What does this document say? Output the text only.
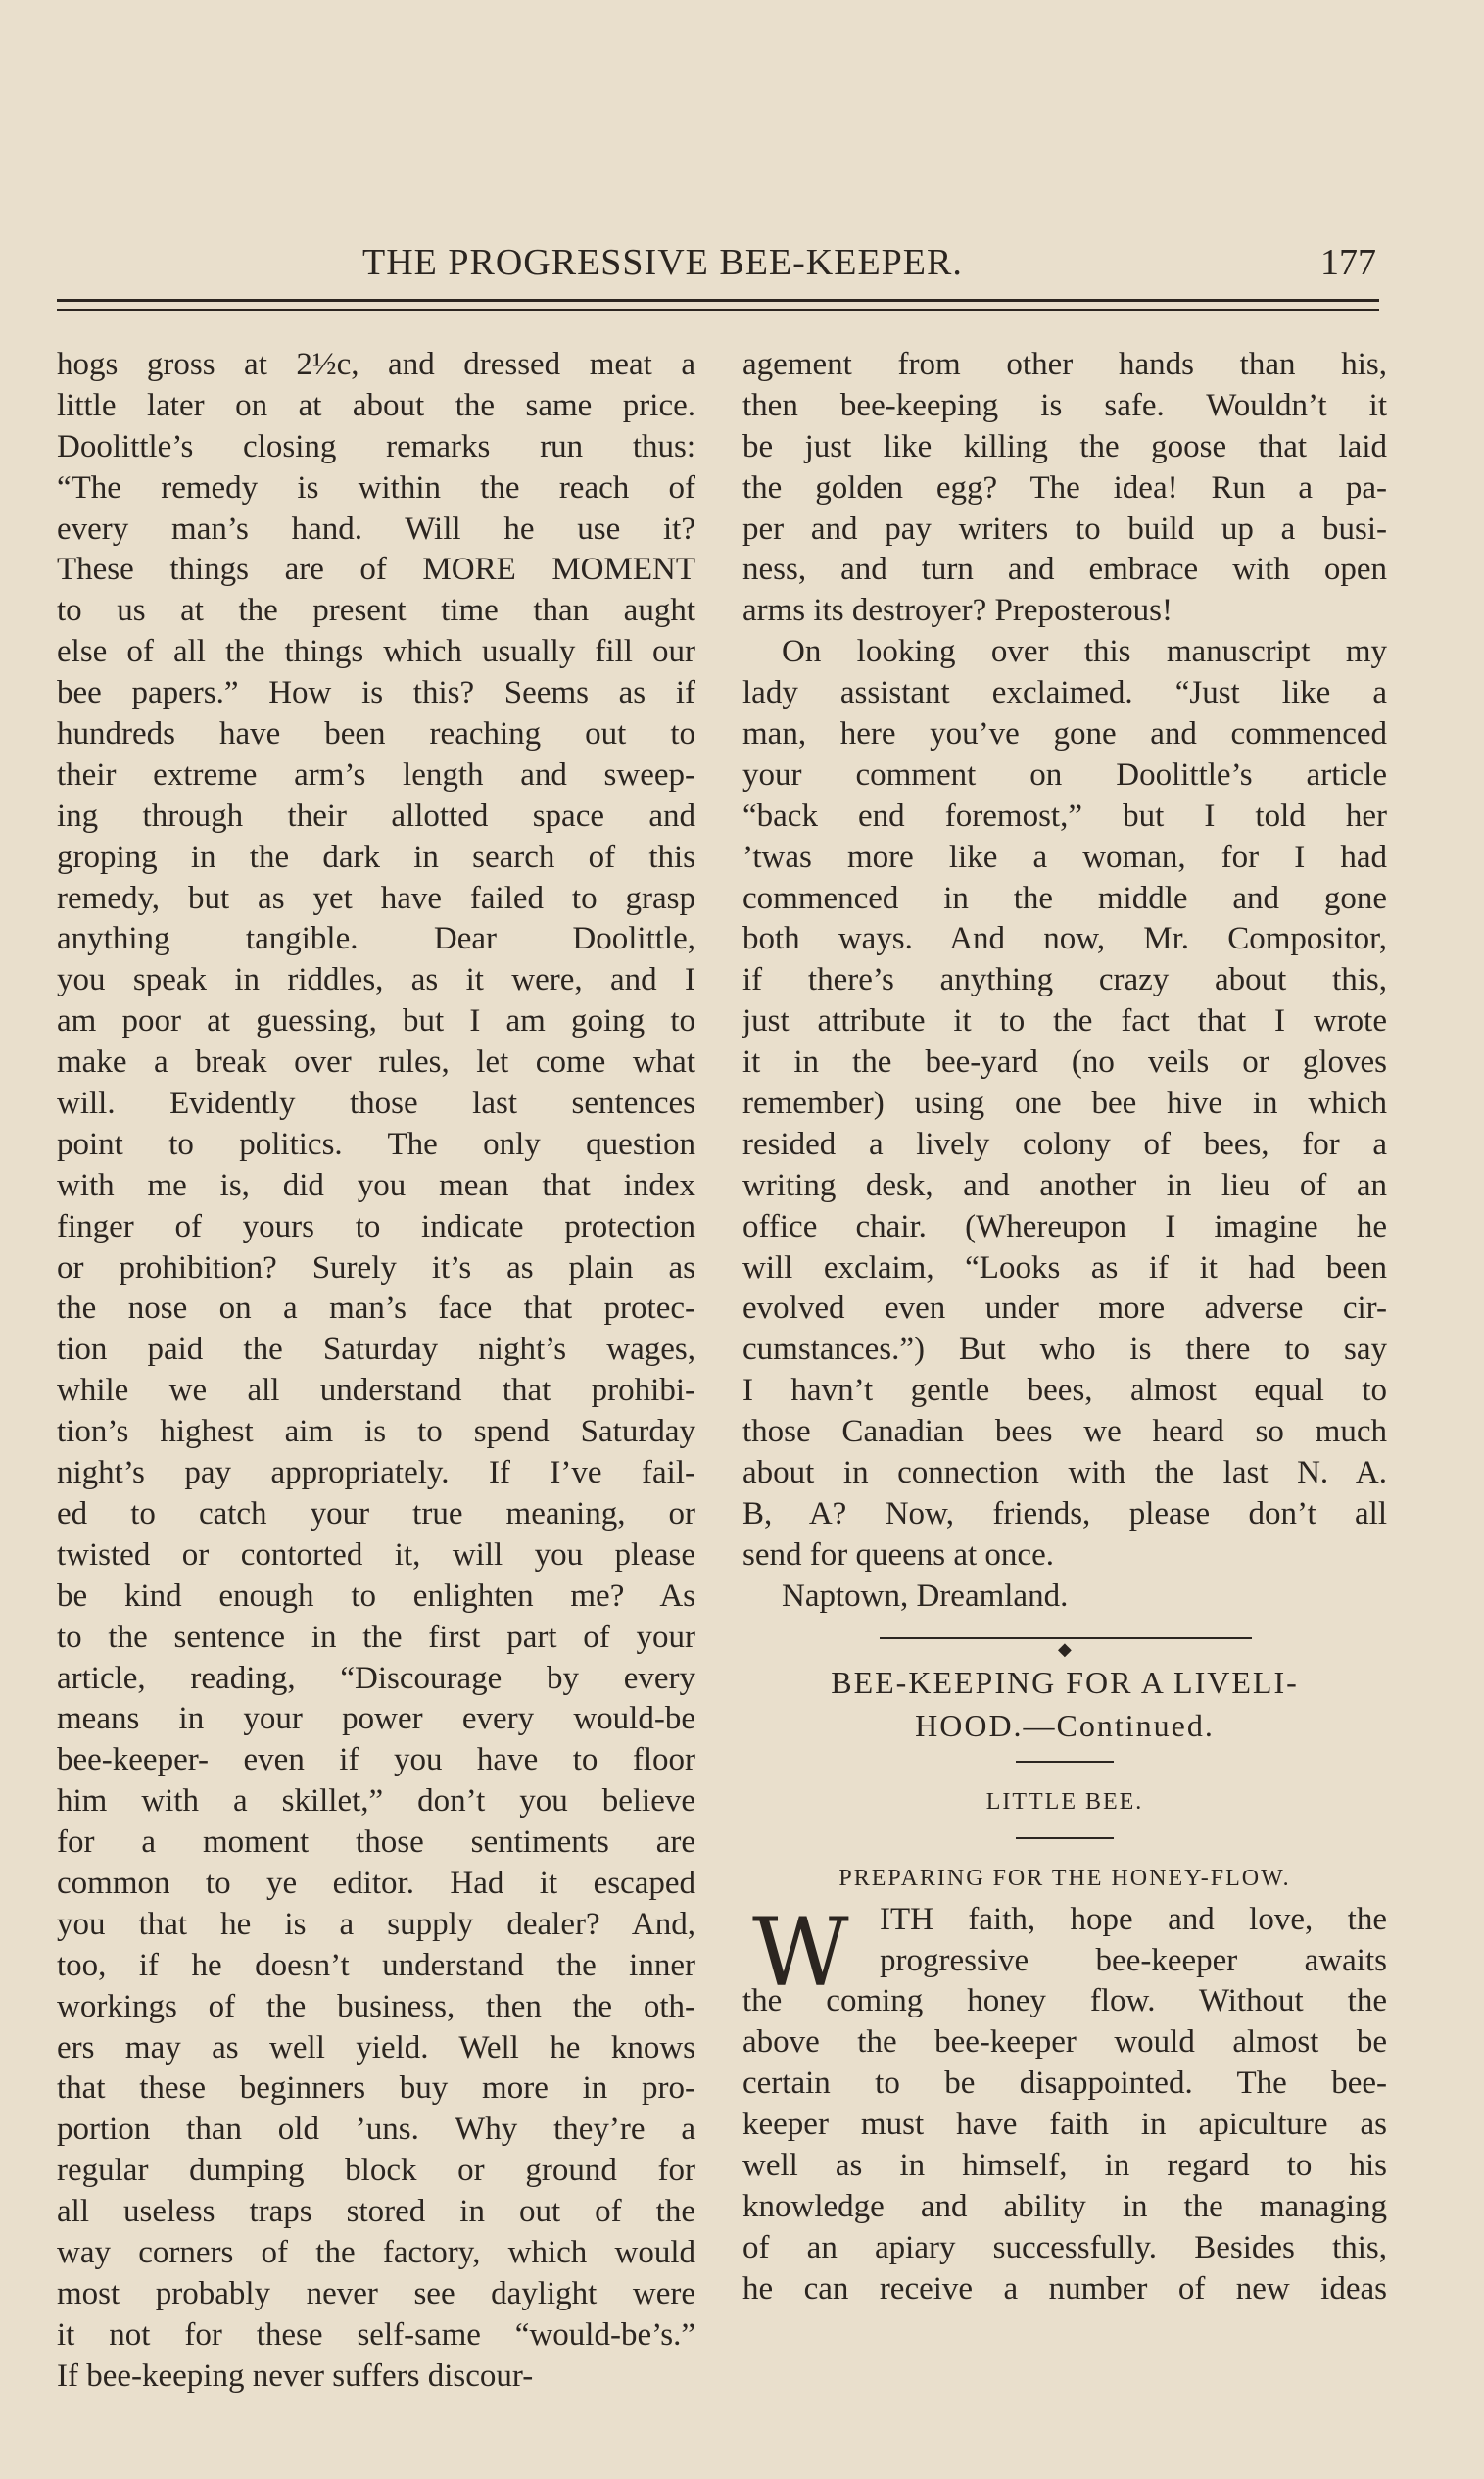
THE PROGRESSIVE BEE-KEEPER.	177
hogs gross at 2½c, and dressed meat a
little later on at about the same price.
Doolittle’s closing remarks run thus:
“The remedy is within the reach of
every man’s hand. Will he use it?
These things are of MORE MOMENT
to us at the present time than aught
else of all the things which usually fill our
bee papers.” How is this? Seems as if
hundreds have been reaching out to
their extreme arm’s length and sweep-
ing through their allotted space and
groping in the dark in search of this
remedy, but as yet have failed to grasp
anything tangible. Dear Doolittle,
you speak in riddles, as it were, and I
am poor at guessing, but I am going to
make a break over rules, let come what
will. Evidently those last sentences
point to politics. The only question
with me is, did you mean that index
finger of yours to indicate protection
or prohibition? Surely it’s as plain as
the nose on a man’s face that protec-
tion paid the Saturday night’s wages,
while we all understand that prohibi-
tion’s highest aim is to spend Saturday
night’s pay appropriately. If I’ve fail-
ed to catch your true meaning, or
twisted or contorted it, will you please
be kind enough to enlighten me? As
to the sentence in the first part of your
article, reading, “Discourage by every
means in your power every would-be
bee-keeper- even if you have to floor
him with a skillet,” don’t you believe
for a moment those sentiments are
common to ye editor. Had it escaped
you that he is a supply dealer? And,
too, if he doesn’t understand the inner
workings of the business, then the oth-
ers may as well yield. Well he knows
that these beginners buy more in pro-
portion than old ’uns. Why they’re a
regular dumping block or ground for
all useless traps stored in out of the
way corners of the factory, which would
most probably never see daylight were
it not for these self-same “would-be’s.”
If bee-keeping never suffers discour-
agement from other hands than his,
then bee-keeping is safe. Wouldn’t it
be just like killing the goose that laid
the golden egg? The idea! Run a pa-
per and pay writers to build up a busi-
ness, and turn and embrace with open
arms its destroyer? Preposterous!
On looking over this manuscript my
lady assistant exclaimed. “Just like a
man, here you’ve gone and commenced
your comment on Doolittle’s article
“back end foremost,” but I told her
’twas more like a woman, for I had
commenced in the middle and gone
both ways. And now, Mr. Compositor,
if there’s anything crazy about this,
just attribute it to the fact that I wrote
it in the bee-yard (no veils or gloves
remember) using one bee hive in which
resided a lively colony of bees, for a
writing desk, and another in lieu of an
office chair. (Whereupon I imagine he
will exclaim, “Looks as if it had been
evolved even under more adverse cir-
cumstances.”) But who is there to say
I havn’t gentle bees, almost equal to
those Canadian bees we heard so much
about in connection with the last N. A.
B, A? Now, friends, please don’t all
send for queens at once.
Naptown, Dreamland.
◆
BEE-KEEPING FOR A LIVELI-
HOOD.—Continued.
LITTLE BEE.
PREPARING FOR THE HONEY-FLOW.
W ITH faith, hope and love, the
progressive bee-keeper awaits
the coming honey flow. Without the
above the bee-keeper would almost be
certain to be disappointed. The bee-
keeper must have faith in apiculture as
well as in himself, in regard to his
knowledge and ability in the managing
of an apiary successfully. Besides this,
he can receive a number of new ideas
